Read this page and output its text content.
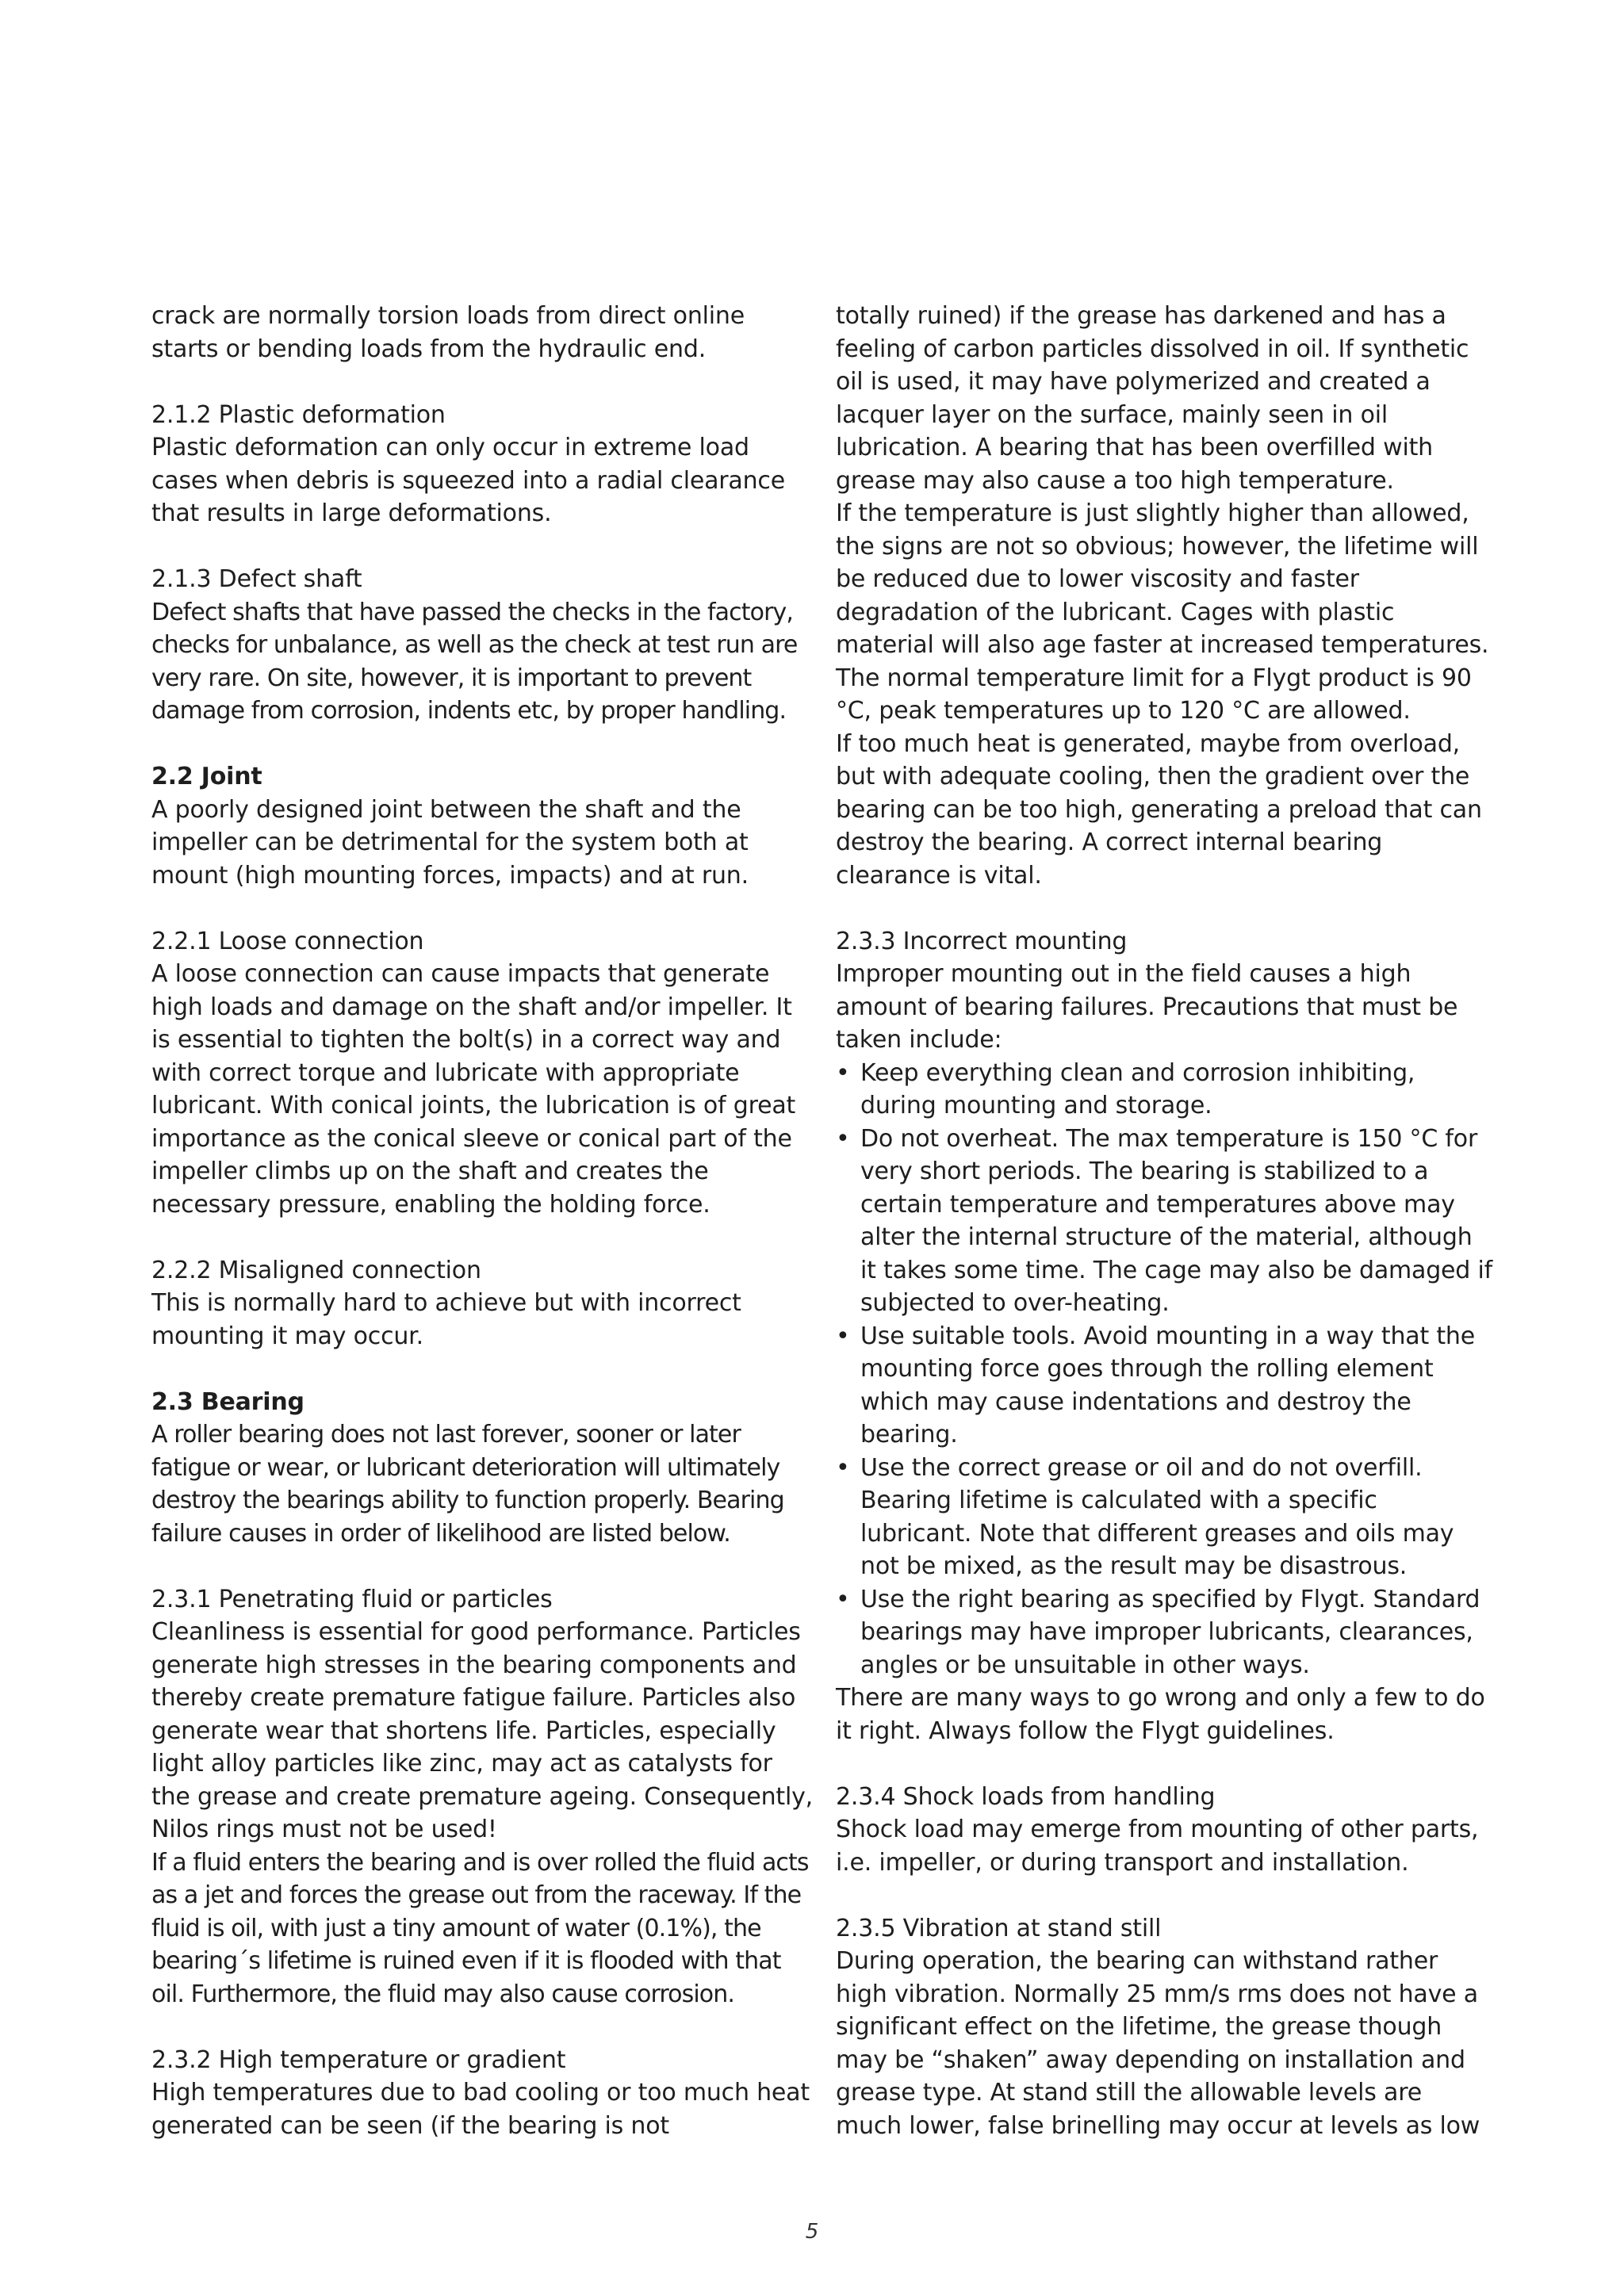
crack are normally torsion loads from direct online starts or bending loads from the hydraulic end.

2.1.2 Plastic deformation

Plastic deformation can only occur in extreme load cases when debris is squeezed into a radial clearance that results in large deformations.

2.1.3 Defect shaft

Defect shafts that have passed the checks in the factory, checks for unbalance, as well as the check at test run are very rare. On site, however, it is important to prevent damage from corrosion, indents etc, by proper handling.

2.2 Joint

A poorly designed joint between the shaft and the impeller can be detrimental for the system both at mount (high mounting forces, impacts) and at run.

2.2.1 Loose connection

A loose connection can cause impacts that generate high loads and damage on the shaft and/or impeller. It is essential to tighten the bolt(s) in a correct way and with correct torque and lubricate with appropriate lubricant. With conical joints, the lubrication is of great importance as the conical sleeve or conical part of the impeller climbs up on the shaft and creates the necessary pressure, enabling the holding force.

2.2.2 Misaligned connection

This is normally hard to achieve but with incorrect mounting it may occur.

2.3 Bearing

A roller bearing does not last forever, sooner or later fatigue or wear, or lubricant deterioration will ultimately destroy the bearings ability to function properly. Bearing failure causes in order of likelihood are listed below.

2.3.1 Penetrating fluid or particles

Cleanliness is essential for good performance. Particles generate high stresses in the bearing components and thereby create premature fatigue failure. Particles also generate wear that shortens life. Particles, especially light alloy particles like zinc, may act as catalysts for the grease and create premature ageing. Consequently, Nilos rings must not be used!

If a fluid enters the bearing and is over rolled the fluid acts as a jet and forces the grease out from the raceway. If the fluid is oil, with just a tiny amount of water (0.1%), the bearing´s lifetime is ruined even if it is flooded with that oil. Furthermore, the fluid may also cause corrosion.

2.3.2 High temperature or gradient

High temperatures due to bad cooling or too much heat generated can be seen (if the bearing is not

totally ruined) if the grease has darkened and has a feeling of carbon particles dissolved in oil. If synthetic oil is used, it may have polymerized and created a lacquer layer on the surface, mainly seen in oil lubrication. A bearing that has been overfilled with grease may also cause a too high temperature.

If the temperature is just slightly higher than allowed, the signs are not so obvious; however, the lifetime will be reduced due to lower viscosity and faster degradation of the lubricant. Cages with plastic material will also age faster at increased temperatures. The normal temperature limit for a Flygt product is 90 °C, peak temperatures up to 120 °C are allowed.

If too much heat is generated, maybe from overload, but with adequate cooling, then the gradient over the bearing can be too high, generating a preload that can destroy the bearing. A correct internal bearing clearance is vital.

2.3.3 Incorrect mounting

Improper mounting out in the field causes a high amount of bearing failures. Precautions that must be taken include:

• Keep everything clean and corrosion inhibiting, during mounting and storage.
• Do not overheat. The max temperature is 150 °C for very short periods. The bearing is stabilized to a certain temperature and temperatures above may alter the internal structure of the material, although it takes some time. The cage may also be damaged if subjected to over-heating.
• Use suitable tools. Avoid mounting in a way that the mounting force goes through the rolling element which may cause indentations and destroy the bearing.
• Use the correct grease or oil and do not overfill. Bearing lifetime is calculated with a specific lubricant. Note that different greases and oils may not be mixed, as the result may be disastrous.
• Use the right bearing as specified by Flygt. Standard bearings may have improper lubricants, clearances, angles or be unsuitable in other ways.

There are many ways to go wrong and only a few to do it right. Always follow the Flygt guidelines.

2.3.4 Shock loads from handling

Shock load may emerge from mounting of other parts, i.e. impeller, or during transport and installation.

2.3.5 Vibration at stand still

During operation, the bearing can withstand rather high vibration. Normally 25 mm/s rms does not have a significant effect on the lifetime, the grease though may be “shaken” away depending on installation and grease type. At stand still the allowable levels are much lower, false brinelling may occur at levels as low

5
